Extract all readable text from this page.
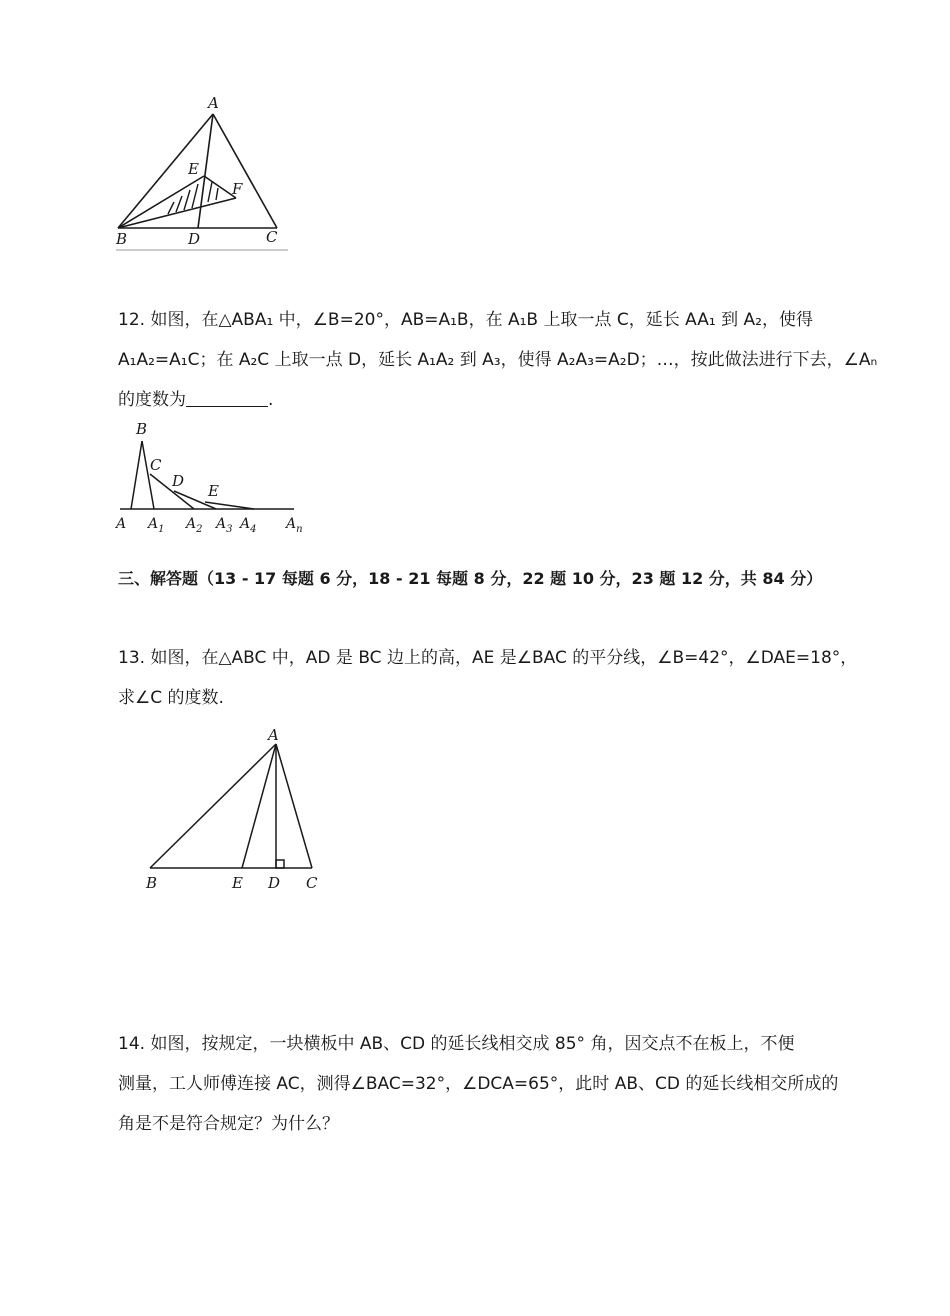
A
E
F
B	D	C
12. 如图，在△ABA₁ 中，∠B=20°，AB=A₁B，在 A₁B 上取一点 C，延长 AA₁ 到 A₂，使得
A₁A₂=A₁C；在 A₂C 上取一点 D，延长 A₁A₂ 到 A₃，使得 A₂A₃=A₂D；…，按此做法进行下去，∠Aₙ
的度数为	.
B
C
D
E
A $A_1$ $A_2$ $A_3$ $A_4$ $A_n$
三、解答题（13 - 17 每题 6 分，18 - 21 每题 8 分，22 题 10 分，23 题 12 分，共 84 分）
13. 如图，在△ABC 中，AD 是 BC 边上的高，AE 是∠BAC 的平分线，∠B=42°，∠DAE=18°，
求∠C 的度数.
A
B	E D C
14. 如图，按规定，一块横板中 AB、CD 的延长线相交成 85° 角，因交点不在板上，不便
测量，工人师傅连接 AC，测得∠BAC=32°，∠DCA=65°，此时 AB、CD 的延长线相交所成的
角是不是符合规定？为什么？
